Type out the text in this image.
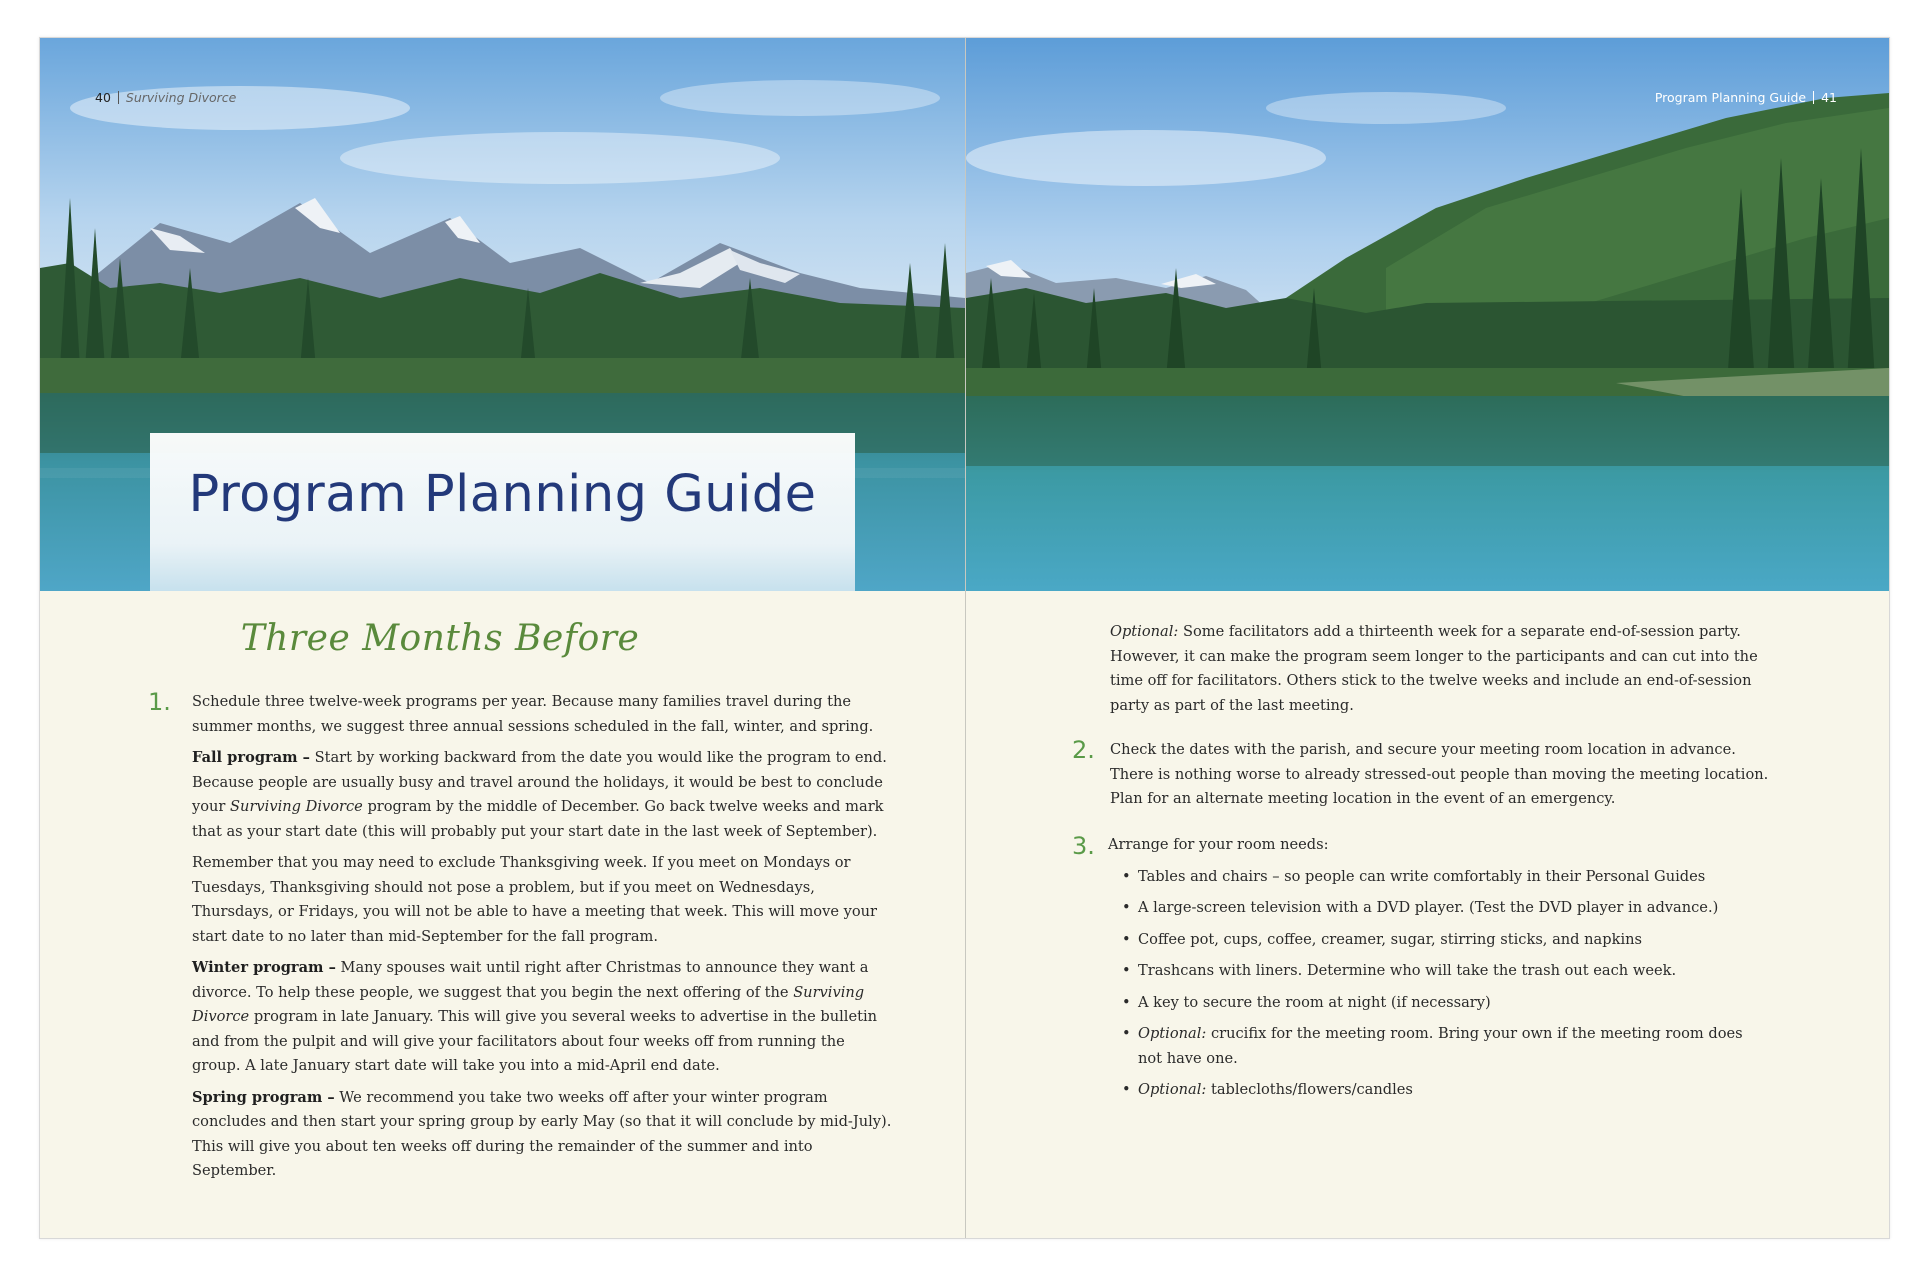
40 Surviving Divorce
Program Planning Guide
Three Months Before
1. Schedule three twelve-week programs per year. Because many families travel during the summer months, we suggest three annual sessions scheduled in the fall, winter, and spring.

Fall program – Start by working backward from the date you would like the program to end. Because people are usually busy and travel around the holidays, it would be best to conclude your Surviving Divorce program by the middle of December. Go back twelve weeks and mark that as your start date (this will probably put your start date in the last week of September).

Remember that you may need to exclude Thanksgiving week. If you meet on Mondays or Tuesdays, Thanksgiving should not pose a problem, but if you meet on Wednesdays, Thursdays, or Fridays, you will not be able to have a meeting that week. This will move your start date to no later than mid-September for the fall program.

Winter program – Many spouses wait until right after Christmas to announce they want a divorce. To help these people, we suggest that you begin the next offering of the Surviving Divorce program in late January. This will give you several weeks to advertise in the bulletin and from the pulpit and will give your facilitators about four weeks off from running the group. A late January start date will take you into a mid-April end date.

Spring program – We recommend you take two weeks off after your winter program concludes and then start your spring group by early May (so that it will conclude by mid-July). This will give you about ten weeks off during the remainder of the summer and into September.

Program Planning Guide 41

Optional: Some facilitators add a thirteenth week for a separate end-of-session party. However, it can make the program seem longer to the participants and can cut into the time off for facilitators. Others stick to the twelve weeks and include an end-of-session party as part of the last meeting.

2. Check the dates with the parish, and secure your meeting room location in advance. There is nothing worse to already stressed-out people than moving the meeting location. Plan for an alternate meeting location in the event of an emergency.

3. Arrange for your room needs:

• Tables and chairs – so people can write comfortably in their Personal Guides
• A large-screen television with a DVD player. (Test the DVD player in advance.)
• Coffee pot, cups, coffee, creamer, sugar, stirring sticks, and napkins
• Trashcans with liners. Determine who will take the trash out each week.
• A key to secure the room at night (if necessary)
• Optional: crucifix for the meeting room. Bring your own if the meeting room does not have one.
• Optional: tablecloths/flowers/candles
